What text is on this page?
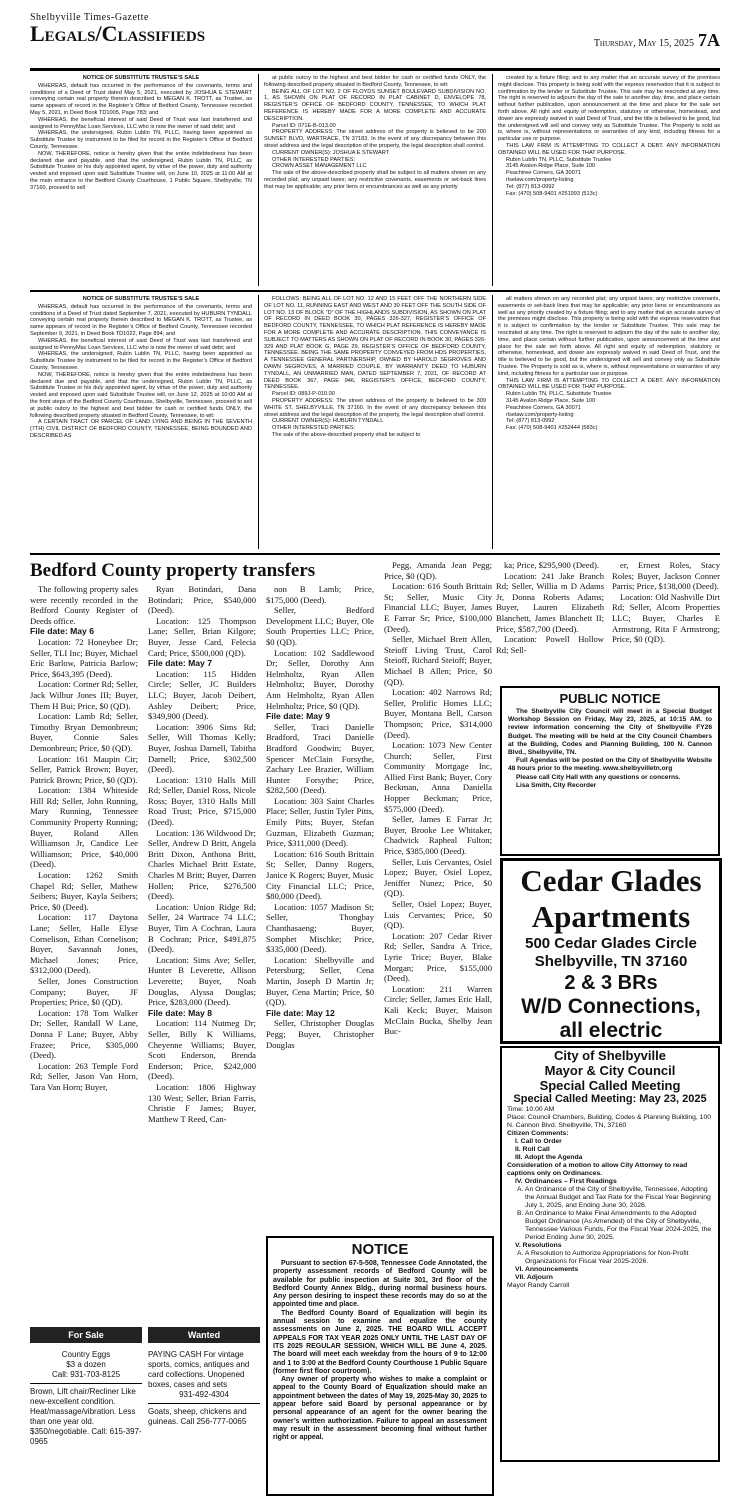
Shelbyville Times-Gazette
Legals/Classifieds	Thursday, May 15, 2025 7A

NOTICE OF SUBSTITUTE TRUSTEE’S SALE

WHEREAS, default has occurred in the performance of the covenants, terms and conditions of a Deed of Trust dated May 5, 2021, executed by JOSHUA E STEWART conveying certain real property therein described to MEGAN K. TROTT, as Trustee, as same appears of record in the Register’s Office of Bedford County, Tennessee recorded May 5, 2021, in Deed Book TD1005, Page 783; and

WHEREAS, the beneficial interest of said Deed of Trust was last transferred and assigned to PennyMac Loan Services, LLC who is now the owner of said debt; and

WHEREAS, the undersigned, Rubin Lublin TN, PLLC, having been appointed as Substitute Trustee by instrument to be filed for record in the Register’s Office of Bedford County, Tennessee.

NOW, THEREFORE, notice is hereby given that the entire indebtedness has been declared due and payable, and that the undersigned, Rubin Lublin TN, PLLC, as Substitute Trustee or his duly appointed agent, by virtue of the power, duty and authority vested and imposed upon said Substitute Trustee will, on June 10, 2025 at 11:00 AM at the main entrance to the Bedford County Courthouse, 1 Public Square, Shelbyville, TN 37160, proceed to sell

at public outcry to the highest and best bidder for cash or certified funds ONLY, the following described property situated in Bedford County, Tennessee, to wit:

BEING ALL OF LOT NO. 2 OF FLOYDS SUNSET BOULEVARD SUBDIVISION NO. 1, AS SHOWN ON PLAT OF RECORD IN PLAT CABINET D, ENVELOPE 78, REGISTER’S OFFICE OF BEDFORD COUNTY, TENNESSEE, TO WHICH PLAT REFERENCE IS HEREBY MADE FOR A MORE COMPLETE AND ACCURATE DESCRIPTION.

Parcel ID: 071E-B-013.00

PROPERTY ADDRESS: The street address of the property is believed to be 200 SUNSET BLVD, WARTRACE, TN 37183. In the event of any discrepancy between this street address and the legal description of the property, the legal description shall control.

CURRENT OWNER(S): JOSHUA E STEWART

OTHER INTERESTED PARTIES:

CROWN ASSET MANAGEMENT LLC

The sale of the above-described property shall be subject to all matters shown on any recorded plat; any unpaid taxes; any restrictive covenants, easements or set-back lines that may be applicable; any prior liens or encumbrances as well as any priority

created by a fixture filing; and to any matter that an accurate survey of the premises might disclose. This property is being sold with the express reservation that it is subject to confirmation by the lender or Substitute Trustee. This sale may be rescinded at any time. The right is reserved to adjourn the day of the sale to another day, time, and place certain without further publication, upon announcement at the time and place for the sale set forth above. All right and equity of redemption, statutory or otherwise, homestead, and dower are expressly waived in said Deed of Trust, and the title is believed to be good, but the undersigned will sell and convey only as Substitute Trustee. The Property is sold as is, where is, without representations or warranties of any kind, including fitness for a particular use or purpose.

THIS LAW FIRM IS ATTEMPTING TO COLLECT A DEBT. ANY INFORMATION OBTAINED WILL BE USED FOR THAT PURPOSE.

Rubin Lublin TN, PLLC, Substitute Trustee

3145 Avalon Ridge Place, Suite 100

Peachtree Corners, GA 30071

rlselaw.com/property-listing

Tel: (877) 813-0992

Fax: (470) 508-9401 #251993 (513c)

NOTICE OF SUBSTITUTE TRUSTEE’S SALE

WHEREAS, default has occurred in the performance of the covenants, terms and conditions of a Deed of Trust dated September 7, 2021, executed by HUBURN TYNDALL conveying certain real property therein described to MEGAN K. TROTT, as Trustee, as same appears of record in the Register’s Office of Bedford County, Tennessee recorded September 9, 2021, in Deed Book TD1022, Page 894; and

WHEREAS, the beneficial interest of said Deed of Trust was last transferred and assigned to PennyMac Loan Services, LLC who is now the owner of said debt; and

WHEREAS, the undersigned, Rubin Lublin TN, PLLC, having been appointed as Substitute Trustee by instrument to be filed for record in the Register’s Office of Bedford County, Tennessee.

NOW, THEREFORE, notice is hereby given that the entire indebtedness has been declared due and payable, and that the undersigned, Rubin Lublin TN, PLLC, as Substitute Trustee or his duly appointed agent, by virtue of the power, duty and authority vested and imposed upon said Substitute Trustee will, on June 12, 2025 at 10:00 AM at the front steps of the Bedford County Courthouse, Shelbyville, Tennessee, proceed to sell at public outcry to the highest and best bidder for cash or certified funds ONLY, the following described property situated in Bedford County, Tennessee, to wit:

A CERTAIN TRACT OR PARCEL OF LAND LYING AND BEING IN THE SEVENTH (7TH) CIVIL DISTRICT OF BEDFORD COUNTY, TENNESSEE, BEING BOUNDED AND DESCRIBED AS

FOLLOWS: BEING ALL OF LOT NO. 12 AND 15 FEET OFF THE NORTHERN SIDE OF LOT NO. 11, RUNNING EAST AND WEST AND 30 FEET OFF THE SOUTH SIDE OF LOT NO. 13 OF BLOCK “D” OF THE HIGHLANDS SUBDIVISION, AS SHOWN ON PLAT OF RECORD IN DEED BOOK 30, PAGES 326-327, REGISTER’S OFFICE OF BEDFORD COUNTY, TENNESSEE, TO WHICH PLAT REFERENCE IS HEREBY MADE FOR A MORE COMPLETE AND ACCURATE DESCRIPTION. THIS CONVEYANCE IS SUBJECT TO MATTERS AS SHOWN ON PLAT OF RECORD IN BOOK 30, PAGES 326-329 AND PLAT BOOK G, PAGE 29, REGISTER’S OFFICE OF BEDFORD COUNTY, TENNESSEE. BEING THE SAME PROPERTY CONVEYED FROM HDS PROPERTIES, A TENNESSEE GENERAL PARTNERSHIP, OWNED BY HAROLD SEGROVES AND DAWN SEGROVES, A MARRIED COUPLE, BY WARRANTY DEED TO HUBURN TYNDALL, AN UNMARRIED MAN, DATED SEPTEMBER 7, 2021, OF RECORD AT DEED BOOK 367, PAGE 946, REGISTER’S OFFICE, BEDFORD COUNTY, TENNESSEE.

Parcel ID: 089J-P-010.00

PROPERTY ADDRESS: The street address of the property is believed to be 309 WHITE ST, SHELBYVILLE, TN 37160. In the event of any discrepancy between this street address and the legal description of the property, the legal description shall control.

CURRENT OWNER(S): HUBURN TYNDALL

OTHER INTERESTED PARTIES:

The sale of the above-described property shall be subject to

all matters shown on any recorded plat; any unpaid taxes; any restrictive covenants, easements or set-back lines that may be applicable; any prior liens or encumbrances as well as any priority created by a fixture filing; and to any matter that an accurate survey of the premises might disclose. This property is being sold with the express reservation that it is subject to confirmation by the lender or Substitute Trustee. This sale may be rescinded at any time. The right is reserved to adjourn the day of the sale to another day, time, and place certain without further publication, upon announcement at the time and place for the sale set forth above. All right and equity of redemption, statutory or otherwise, homestead, and dower are expressly waived in said Deed of Trust, and the title is believed to be good, but the undersigned will sell and convey only as Substitute Trustee. The Property is sold as is, where is, without representations or warranties of any kind, including fitness for a particular use or purpose.

THIS LAW FIRM IS ATTEMPTING TO COLLECT A DEBT. ANY INFORMATION OBTAINED WILL BE USED FOR THAT PURPOSE.

Rubin Lublin TN, PLLC, Substitute Trustee

3145 Avalon Ridge Place, Suite 100

Peachtree Corners, GA 30071

rlselaw.com/property-listing

Tel: (877) 813-0992

Fax: (470) 508-9401 #252444 (583c)

Bedford County property transfers

The following property sales were recently recorded in the Bedford County Register of Deeds office.

File date: May 6

Location: 72 Honeybee Dr; Seller, TLI Inc; Buyer, Michael Eric Barlow, Patricia Barlow; Price, $643,395 (Deed).

Location: Cortner Rd; Seller, Jack Wilbur Jones III; Buyer, Them H Bui; Price, $0 (QD).

Location: Lamb Rd; Seller, Timothy Bryan Demonbreun; Buyer, Connie Sales Demonbreun; Price, $0 (QD).

Location: 161 Maupin Cir; Seller, Patrick Brown; Buyer, Patrick Brown; Price, $0 (QD).

Location: 1384 Whiteside Hill Rd; Seller, John Running, Mary Running, Tennessee Community Property Running; Buyer, Roland Allen Williamson Jr, Candice Lee Williamson; Price, $40,000 (Deed).

Location: 1262 Smith Chapel Rd; Seller, Mathew Seibers; Buyer, Kayla Seibers; Price, $0 (Deed).

Location: 117 Daytona Lane; Seller, Halle Elyse Cornelison, Ethan Cornelison; Buyer, Savannah Jones, Michael Jones; Price, $312,000 (Deed).

Seller, Jones Construction Company; Buyer, JF Properties; Price, $0 (QD).

Location: 178 Tom Walker Dr; Seller, Randall W Lane, Donna F Lane; Buyer, Abby Frazee; Price, $305,000 (Deed).

Location: 263 Temple Ford Rd; Seller, Jason Van Horn, Tara Van Horn; Buyer,

Ryan Botindari, Dana Botindari; Price, $540,000 (Deed).

Location: 125 Thompson Lane; Seller, Brian Kilgore; Buyer, Jesse Card, Felecia Card; Price, $500,000 (QD).

File date: May 7

Location: 115 Hidden Circle; Seller, JC Builders LLC; Buyer, Jacob Deibert, Ashley Deibert; Price, $349,900 (Deed).

Location: 3906 Sims Rd; Seller, Will Thomas Kelly; Buyer, Joshua Darnell, Tabitha Darnell; Price, $302,500 (Deed).

Location: 1310 Halls Mill Rd; Seller, Daniel Ross, Nicole Ross; Buyer, 1310 Halls Mill Road Trust; Price, $715,000 (Deed).

Location: 136 Wildwood Dr; Seller, Andrew D Britt, Angela Britt Dixon, Anthona Britt, Charles Michael Britt Estate, Charles M Britt; Buyer, Darren Hollen; Price, $276,500 (Deed).

Location: Union Ridge Rd; Seller, 24 Wartrace 74 LLC; Buyer, Tim A Cochran, Laura B Cochran; Price, $491,875 (Deed).

Location: Sims Ave; Seller, Hunter B Leverette, Allison Leverette; Buyer, Noah Douglas, Alyssa Douglas; Price, $283,000 (Deed).

File date: May 8

Location: 114 Nutmeg Dr; Seller, Billy K Williams, Cheyenne Williams; Buyer, Scott Enderson, Brenda Enderson; Price, $242,000 (Deed).

Location: 1806 Highway 130 West; Seller, Brian Farris, Christie F James; Buyer, Matthew T Reed, Can-

non B Lamb; Price, $175,000 (Deed).

Seller, Bedford Development LLC; Buyer, Ole South Properties LLC; Price, $0 (QD).

Location: 102 Saddlewood Dr; Seller, Dorothy Ann Helmholtz, Ryan Allen Helmholtz; Buyer, Dorothy Ann Helmholtz, Ryan Allen Helmholtz; Price, $0 (QD).

File date: May 9

Seller, Traci Danielle Bradford, Traci Danielle Bradford Goodwin; Buyer, Spencer McClain Forsythe, Zachary Lee Brazier, William Hunter Forsythe; Price, $282,500 (Deed).

Location: 303 Saint Charles Place; Seller, Justin Tyler Pitts, Emily Pitts; Buyer, Stefan Guzman, Elizabeth Guzman; Price, $311,000 (Deed).

Location: 616 South Brittain St; Seller, Danny Rogers, Janice K Rogers; Buyer, Music City Financial LLC; Price, $80,000 (Deed).

Location: 1057 Madison St; Seller, Thongbay Chanthasaeng; Buyer, Somphet Mischke; Price, $335,000 (Deed).

Location: Shelbyville and Petersburg; Seller, Cena Martin, Joseph D Martin Jr; Buyer, Cena Martin; Price, $0 (QD).

File date: May 12

Seller, Christopher Douglas Pegg; Buyer, Christopher Douglas

Pegg, Amanda Jean Pegg; Price, $0 (QD).

Location: 616 South Brittain St; Seller, Music City Financial LLC; Buyer, James E Farrar Sr; Price, $100,000 (Deed).

Seller, Michael Brett Allen, Steioff Living Trust, Carol Steioff, Richard Steioff; Buyer, Michael B Allen; Price, $0 (QD).

Location: 402 Narrows Rd; Seller, Prolific Homes LLC; Buyer, Montana Bell, Carson Thompson; Price, $314,000 (Deed).

Location: 1073 New Center Church; Seller, First Community Mortgage Inc, Allied First Bank; Buyer, Cory Beckman, Anna Daniella Hopper Beckman; Price, $575,000 (Deed).

Seller, James E Farrar Jr; Buyer, Brooke Lee Whitaker, Chadwick Rapheal Fulton; Price, $385,000 (Deed).

Seller, Luis Cervantes, Osiel Lopez; Buyer, Osiel Lopez, Jeniffer Nunez; Price, $0 (QD).

Seller, Osiel Lopez; Buyer, Luis Cervantes; Price, $0 (QD).

Location: 207 Cedar River Rd; Seller, Sandra A Trice, Lyrie Trice; Buyer, Blake Morgan; Price, $155,000 (Deed).

Location: 211 Warren Circle; Seller, James Eric Hall, Kali Keck; Buyer, Maison McClain Bucka, Shelby Jean Buc-

ka; Price, $295,900 (Deed).

Location: 241 Jake Branch Rd; Seller, Willia m D Adams Jr, Donna Roberts Adams; Buyer, Lauren Elizabeth Blanchett, James Blanchett II; Price, $587,700 (Deed).

Location: Powell Hollow Rd; Sell-

er, Ernest Roles, Stacy Roles; Buyer, Jackson Conner Parris; Price, $138,000 (Deed).

Location: Old Nashville Dirt Rd; Seller, Alcorn Properties LLC; Buyer, Charles E Armstrong, Rita F Armstrong; Price, $0 (QD).

PUBLIC NOTICE

The Shelbyville City Council will meet in a Special Budget Workshop Session on Friday, May 23, 2025, at 10:15 AM. to review information concerning the City of Shelbyville FY26 Budget. The meeting will be held at the City Council Chambers at the Building, Codes and Planning Building, 100 N. Cannon Blvd., Shelbyville, TN.

Full Agendas will be posted on the City of Shelbyville Website 48 hours prior to the meeting. www.shelbyvilletn.org

Please call City Hall with any questions or concerns.

Lisa Smith, City Recorder

Cedar Glades Apartments
500 Cedar Glades Circle
Shelbyville, TN 37160
2 & 3 BRs
W/D Connections,
all electric
City of Shelbyville
Mayor & City Council
Special Called Meeting
Special Called Meeting: May 23, 2025

Time: 10:00 AM

Place: Council Chambers, Building, Codes & Planning Building, 100 N. Cannon Blvd. Shelbyville, TN, 37160

Citizen Comments:

I. Call to Order

II. Roll Call

III. Adopt the Agenda

Consideration of a motion to allow City Attorney to read captions only on Ordinances.

IV. Ordinances – First Readings

A. An Ordinance of the City of Shelbyville, Tennessee, Adopting the Annual Budget and Tax Rate for the Fiscal Year Beginning July 1, 2025, and Ending June 30, 2026.

B. An Ordinance to Make Final Amendments to the Adopted Budget Ordinance (As Amended) of the City of Shelbyville, Tennessee Various Funds, For the Fiscal Year 2024-2025, the Period Ending June 30, 2025.

V. Resolutions

A. A Resolution to Authorize Appropriations for Non-Profit Organizations for Fiscal Year 2025-2026.

VI. Announcements

VII. Adjourn

Mayor Randy Carroll

NOTICE

Pursuant to section 67-5-508, Tennessee Code Annotated, the property assessment records of Bedford County will be available for public inspection at Suite 301, 3rd floor of the Bedford County Annex Bldg., during normal business hours. Any person desiring to inspect these records may do so at the appointed time and place.

The Bedford County Board of Equalization will begin its annual session to examine and equalize the county assessments on June 2, 2025. THE BOARD WILL ACCEPT APPEALS FOR TAX YEAR 2025 ONLY UNTIL THE LAST DAY OF ITS 2025 REGULAR SESSION, WHICH WILL BE June 4, 2025. The board will meet each weekday from the hours of 9 to 12:00 and 1 to 3:00 at the Bedford County Courthouse 1 Public Square (former first floor courtroom).

Any owner of property who wishes to make a complaint or appeal to the County Board of Equalization should make an appointment between the dates of May 19, 2025-May 30, 2025 to appear before said Board by personal appearance or by personal appearance of an agent for the owner bearing the owner’s written authorization. Failure to appeal an assessment may result in the assessment becoming final without further right or appeal.

For Sale	Wanted

Country Eggs

$3 a dozen

Call: 931-703-8125

Brown, Lift chair/Recliner Like new-excellent condition. Heat/massage/vibration. Less than one year old. $350/negotiable. Call: 615-397-0965

PAYING CASH For vintage sports, comics, antiques and card collections. Unopened boxes, cases and sets

931-492-4304

Goats, sheep, chickens and guineas. Call 256-777-0065
